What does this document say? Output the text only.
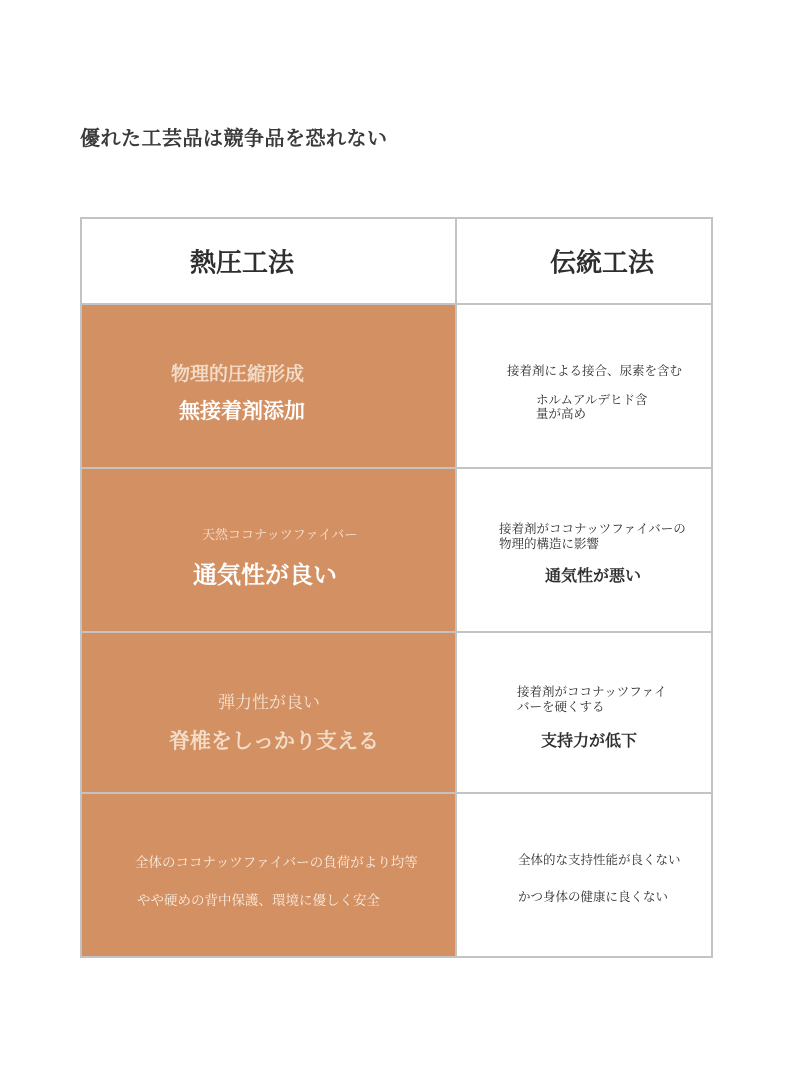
優れた工芸品は競争品を恐れない
熱圧工法	伝統工法
物理的圧縮形成
無接着剤添加
接着剤による接合、尿素を含む
ホルムアルデヒド含
量が高め
天然ココナッツファイバー
通気性が良い
接着剤がココナッツファイバーの
物理的構造に影響
通気性が悪い
弾力性が良い
脊椎をしっかり支える
接着剤がココナッツファイ
バーを硬くする
支持力が低下
全体のココナッツファイバーの負荷がより均等
やや硬めの背中保護、環境に優しく安全
全体的な支持性能が良くない
かつ身体の健康に良くない
